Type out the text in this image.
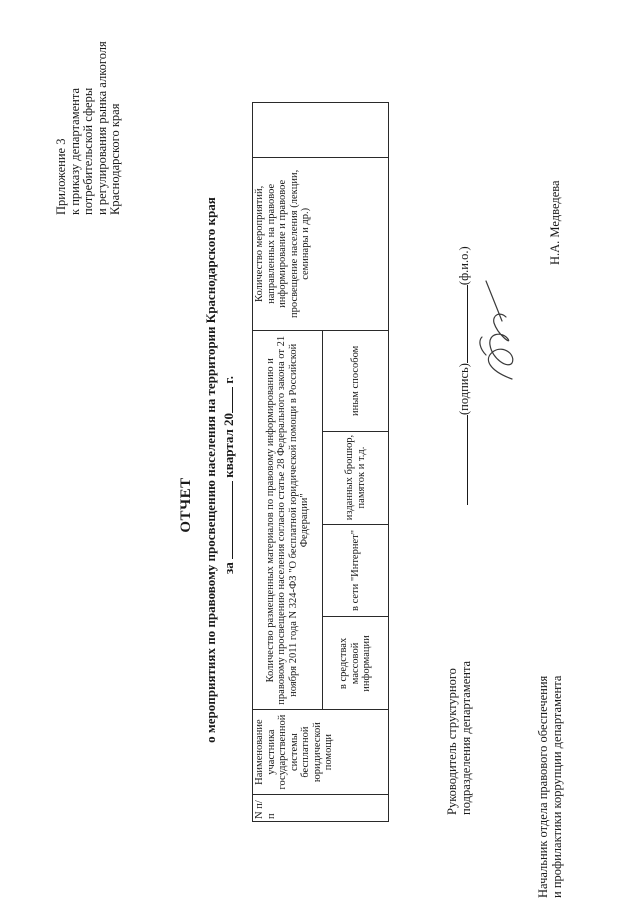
Приложение 3 к приказу департамента потребительской сферы и регулирования рынка алкоголя Краснодарского края
ОТЧЕТ о мероприятиях по правовому просвещению населения на территории Краснодарского края за  квартал 20 г.
N п/п	Наименование участника государственной системы бесплатной юридической помощи	Количество размещенных материалов по правовому информированию и правовому просвещению населения согласно статье 28 Федерального закона от 21 ноября 2011 года N 324-ФЗ "О бесплатной юридической помощи в Российской Федерации"				Количество мероприятий, направленных на правовое информирование и правовое просвещение населения (лекции, семинары и др.)	
		в средствах массовой информации	в сети "Интернет"	изданных брошюр, памяток и т.д.	иным способом		
Руководитель структурного подразделения департамента
(подпись)(ф.и.о.)
Начальник отдела правового обеспечения и профилактики коррупции департамента
Н.А. Медведева
